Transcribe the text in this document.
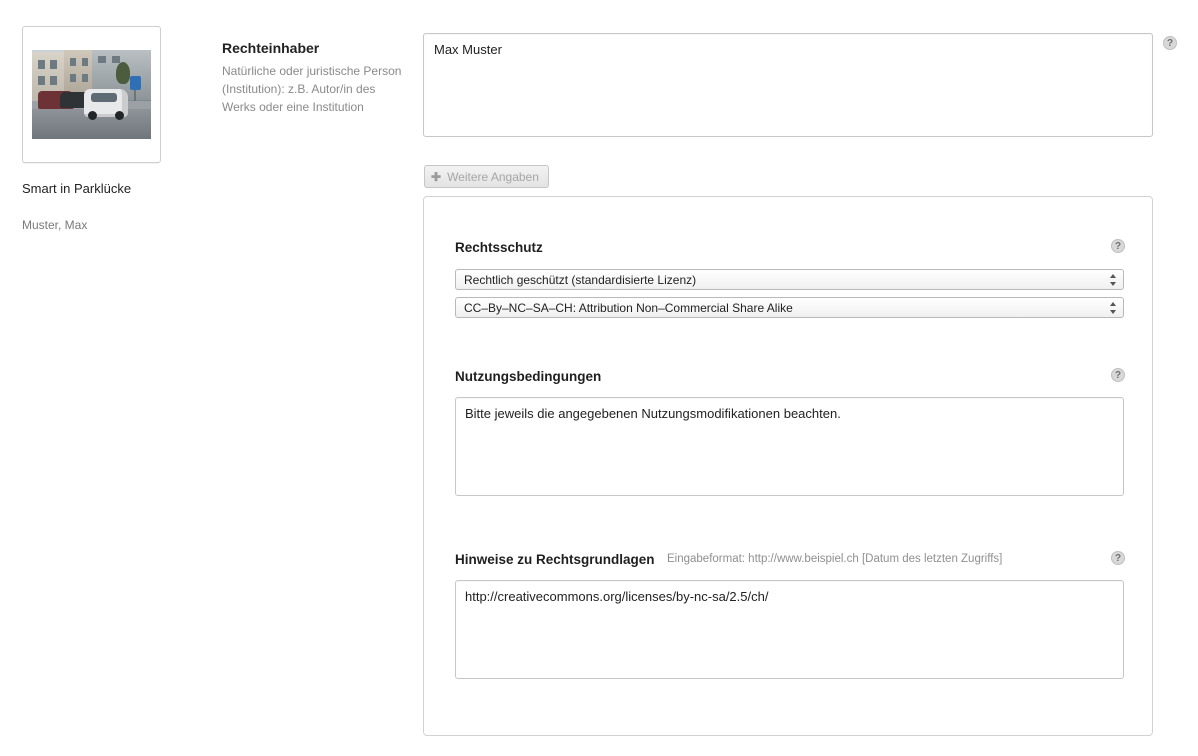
Smart in Parklücke
Muster, Max
Rechteinhaber
Natürliche oder juristische Person (Institution): z.B. Autor/in des Werks oder eine Institution
Max Muster
?
✚ Weitere Angaben
Rechtsschutz	?
Rechtlich geschützt (standardisierte Lizenz)
CC–By–NC–SA–CH: Attribution Non–Commercial Share Alike
Nutzungsbedingungen	?
Bitte jeweils die angegebenen Nutzungsmodifikationen beachten.
Hinweise zu Rechtsgrundlagen Eingabeformat: http://www.beispiel.ch [Datum des letzten Zugriffs]	?
http://creativecommons.org/licenses/by-nc-sa/2.5/ch/
